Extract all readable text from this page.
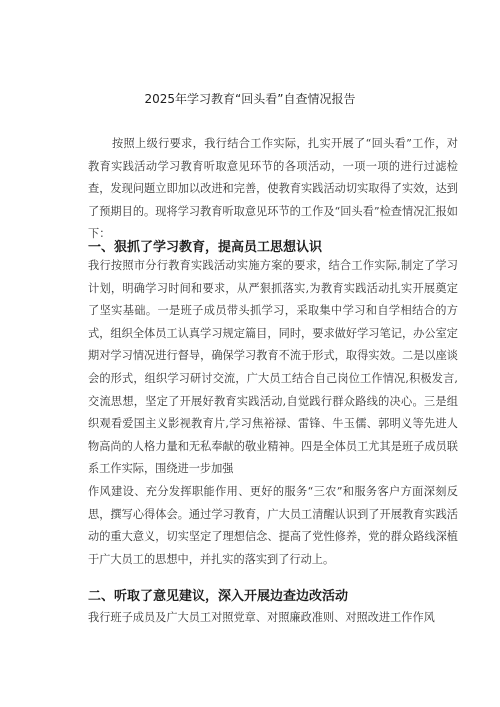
2025年学习教育“回头看”自查情况报告

按照上级行要求，我行结合工作实际，扎实开展了“回头看”工作，对教育实践活动学习教育听取意见环节的各项活动，一项一项的进行过滤检查，发现问题立即加以改进和完善，使教育实践活动切实取得了实效，达到了预期目的。现将学习教育听取意见环节的工作及“回头看”检查情况汇报如下：

一、狠抓了学习教育，提高员工思想认识

我行按照市分行教育实践活动实施方案的要求，结合工作实际,制定了学习计划，明确学习时间和要求，从严狠抓落实,为教育实践活动扎实开展奠定了坚实基础。一是班子成员带头抓学习，采取集中学习和自学相结合的方式，组织全体员工认真学习规定篇目，同时，要求做好学习笔记，办公室定期对学习情况进行督导，确保学习教育不流于形式，取得实效。二是以座谈会的形式，组织学习研讨交流，广大员工结合自己岗位工作情况,积极发言,交流思想，坚定了开展好教育实践活动,自觉践行群众路线的决心。三是组织观看爱国主义影视教育片,学习焦裕禄、雷锋、牛玉儒、郭明义等先进人物高尚的人格力量和无私奉献的敬业精神。四是全体员工尤其是班子成员联系工作实际，围绕进一步加强

作风建设、充分发挥职能作用、更好的服务“三农”和服务客户方面深刻反思，撰写心得体会。通过学习教育，广大员工清醒认识到了开展教育实践活动的重大意义，切实坚定了理想信念、提高了党性修养，党的群众路线深植于广大员工的思想中，并扎实的落实到了行动上。

二、听取了意见建议，深入开展边查边改活动

我行班子成员及广大员工对照党章、对照廉政准则、对照改进工作作风
